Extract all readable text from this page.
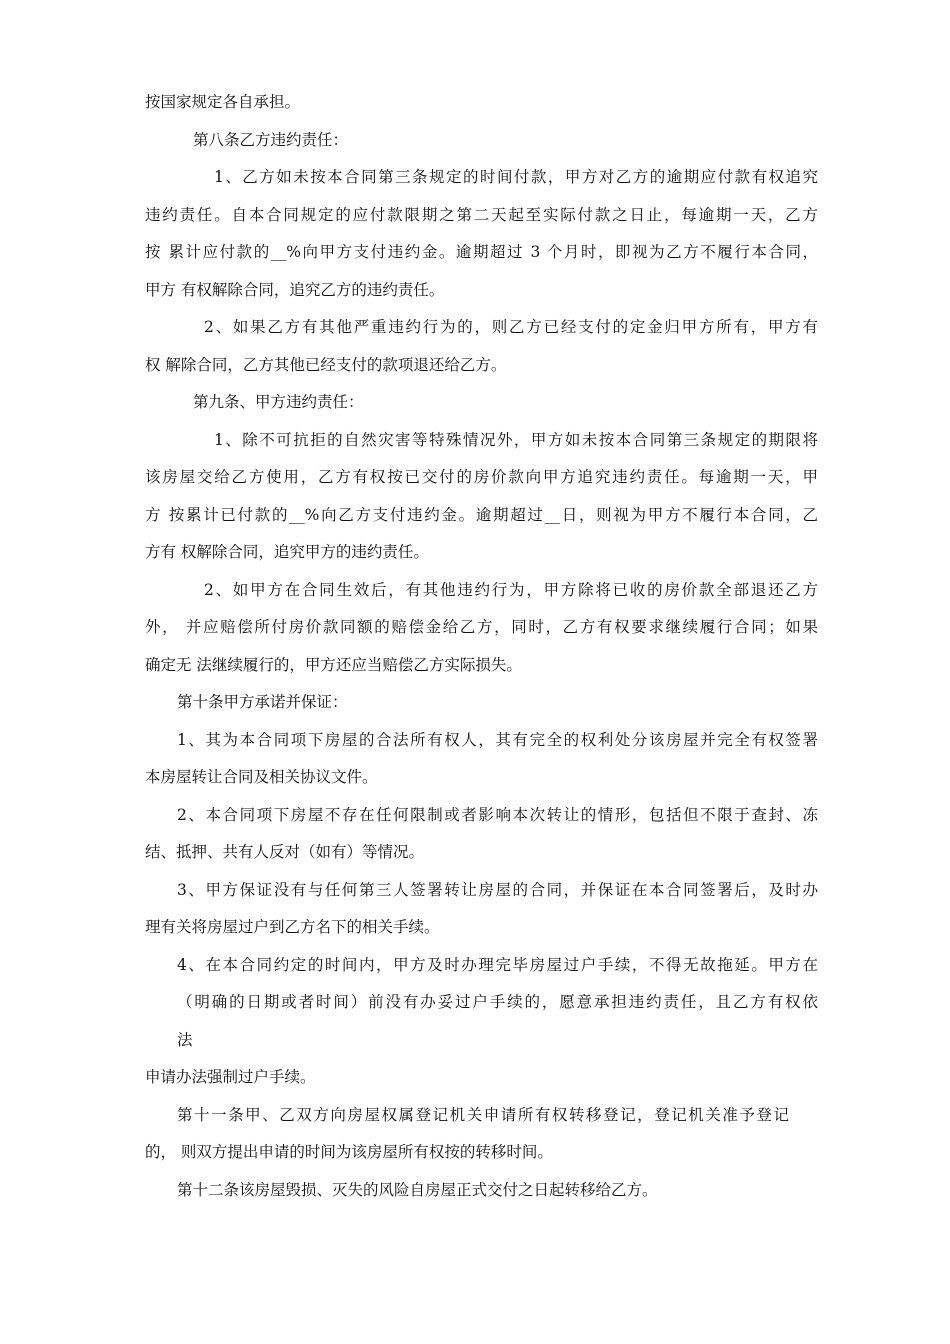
按国家规定各自承担。
第八条乙方违约责任：
1、乙方如未按本合同第三条规定的时间付款，甲方对乙方的逾期应付款有权追究
违约责任。自本合同规定的应付款限期之第二天起至实际付款之日止，每逾期一天，乙方
按 累计应付款的__%向甲方支付违约金。逾期超过 3 个月时，即视为乙方不履行本合同，
甲方 有权解除合同，追究乙方的违约责任。
2、如果乙方有其他严重违约行为的，则乙方已经支付的定金归甲方所有，甲方有
权 解除合同，乙方其他已经支付的款项退还给乙方。
第九条、甲方违约责任：
1、除不可抗拒的自然灾害等特殊情况外，甲方如未按本合同第三条规定的期限将
该房屋交给乙方使用，乙方有权按已交付的房价款向甲方追究违约责任。每逾期一天，甲
方 按累计已付款的__%向乙方支付违约金。逾期超过__日，则视为甲方不履行本合同，乙
方有 权解除合同，追究甲方的违约责任。
2、如甲方在合同生效后，有其他违约行为，甲方除将已收的房价款全部退还乙方
外， 并应赔偿所付房价款同额的赔偿金给乙方，同时，乙方有权要求继续履行合同；如果
确定无 法继续履行的，甲方还应当赔偿乙方实际损失。
第十条甲方承诺并保证：
1、其为本合同项下房屋的合法所有权人，其有完全的权利处分该房屋并完全有权签署
本房屋转让合同及相关协议文件。
2、本合同项下房屋不存在任何限制或者影响本次转让的情形，包括但不限于查封、冻
结、抵押、共有人反对（如有）等情况。
3、甲方保证没有与任何第三人签署转让房屋的合同，并保证在本合同签署后，及时办
理有关将房屋过户到乙方名下的相关手续。
4、在本合同约定的时间内，甲方及时办理完毕房屋过户手续，不得无故拖延。甲方在
（明确的日期或者时间）前没有办妥过户手续的，愿意承担违约责任，且乙方有权依
法
申请办法强制过户手续。
第十一条甲、乙双方向房屋权属登记机关申请所有权转移登记，登记机关准予登记
的， 则双方提出申请的时间为该房屋所有权按的转移时间。
第十二条该房屋毁损、灭失的风险自房屋正式交付之日起转移给乙方。
